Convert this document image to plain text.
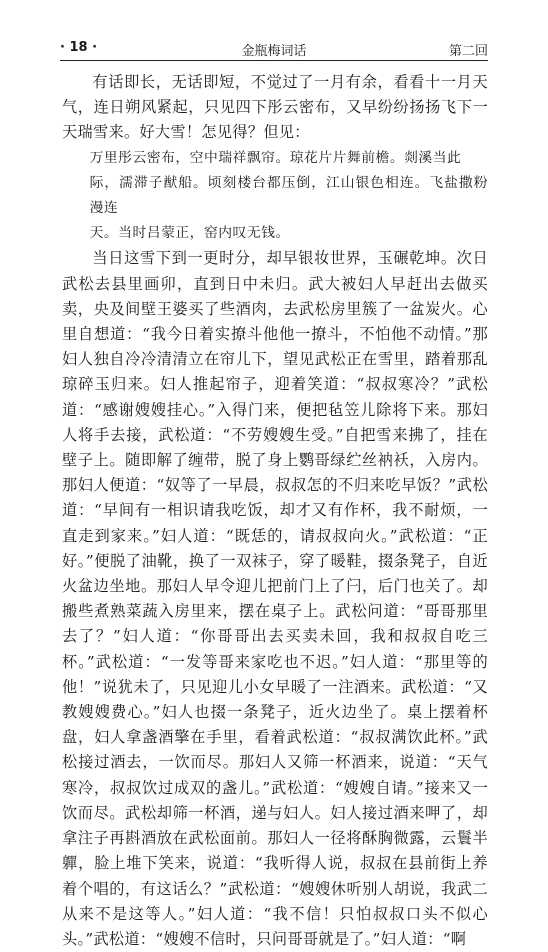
· 18 ·	金瓶梅词话	第二回

有话即长，无话即短，不觉过了一月有余，看看十一月天气，连日朔风紧起，只见四下彤云密布，又早纷纷扬扬飞下一天瑞雪来。好大雪！怎见得？但见：

万里彤云密布，空中瑞祥飘帘。琼花片片舞前檐。剡溪当此
际，濡滞子猷船。顷刻楼台都压倒，江山银色相连。飞盐撒粉漫连
天。当时吕蒙正，窑内叹无钱。

当日这雪下到一更时分，却早银妆世界，玉碾乾坤。次日武松去县里画卯，直到日中未归。武大被妇人早赶出去做买卖，央及间壁王婆买了些酒肉，去武松房里簇了一盆炭火。心里自想道：“我今日着实撩斗他他一撩斗，不怕他不动情。”那妇人独自冷冷清清立在帘儿下，望见武松正在雪里，踏着那乱琼碎玉归来。妇人推起帘子，迎着笑道：“叔叔寒冷？”武松道：“感谢嫂嫂挂心。”入得门来，便把毡笠儿除将下来。那妇人将手去接，武松道：“不劳嫂嫂生受。”自把雪来拂了，挂在壁子上。随即解了缠带，脱了身上鹦哥绿纻丝衲袄，入房内。那妇人便道：“奴等了一早晨，叔叔怎的不归来吃早饭？”武松道：“早间有一相识请我吃饭，却才又有作杯，我不耐烦，一直走到家来。”妇人道：“既恁的，请叔叔向火。”武松道：“正好。”便脱了油靴，换了一双袜子，穿了暖鞋，掇条凳子，自近火盆边坐地。那妇人早令迎儿把前门上了闩，后门也关了。却搬些煮熟菜蔬入房里来，摆在桌子上。武松问道：“哥哥那里去了？”妇人道：“你哥哥出去买卖未回，我和叔叔自吃三杯。”武松道：“一发等哥来家吃也不迟。”妇人道：“那里等的他！”说犹未了，只见迎儿小女早暖了一注酒来。武松道：“又教嫂嫂费心。”妇人也掇一条凳子，近火边坐了。桌上摆着杯盘，妇人拿盏酒擎在手里，看着武松道：“叔叔满饮此杯。”武松接过酒去，一饮而尽。那妇人又筛一杯酒来，说道：“天气寒冷，叔叔饮过成双的盏儿。”武松道：“嫂嫂自请。”接来又一饮而尽。武松却筛一杯酒，递与妇人。妇人接过酒来呷了，却拿注子再斟酒放在武松面前。那妇人一径将酥胸微露，云鬟半軃，脸上堆下笑来，说道：“我听得人说，叔叔在县前街上养着个唱的，有这话么？”武松道：“嫂嫂休听别人胡说，我武二从来不是这等人。”妇人道：“我不信！只怕叔叔口头不似心头。”武松道：“嫂嫂不信时，只问哥哥就是了。”妇人道：“啊
